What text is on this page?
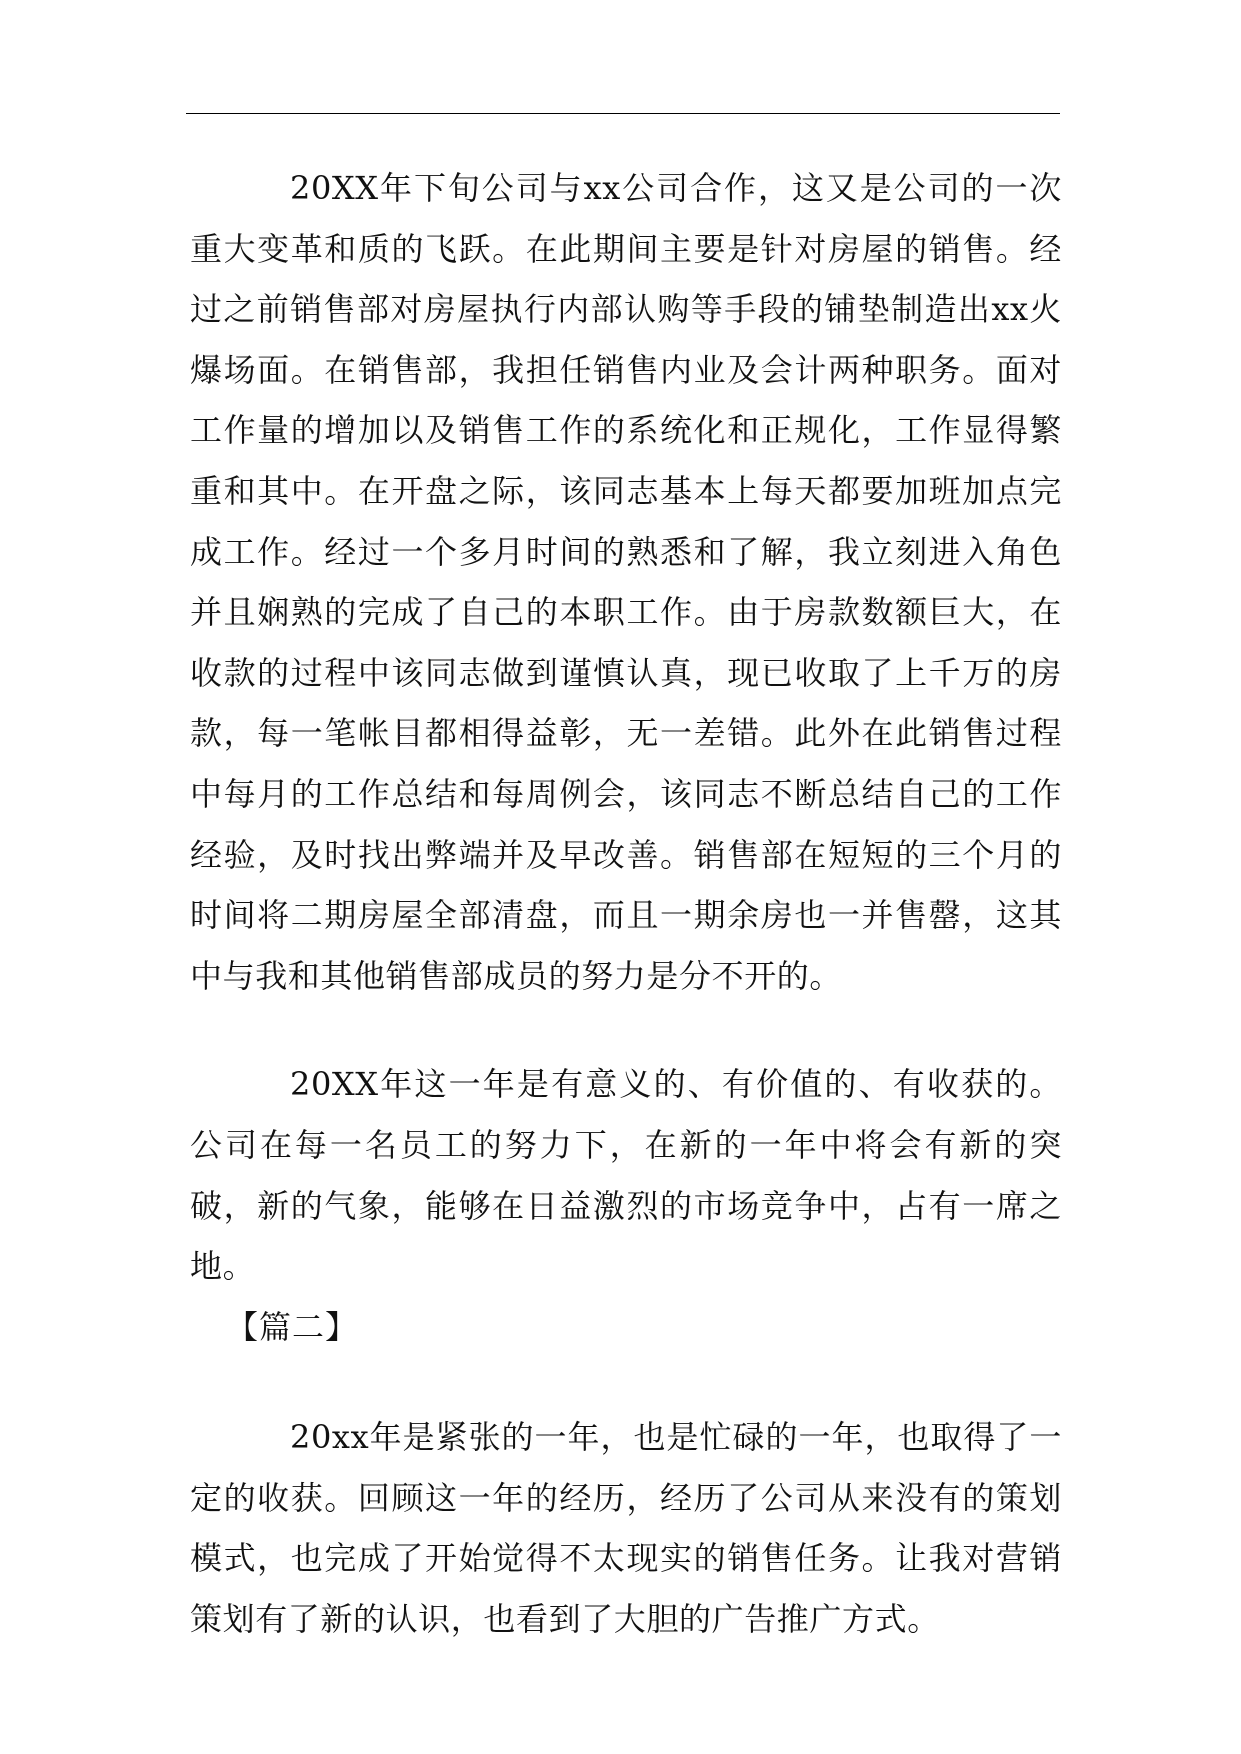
20XX年下旬公司与xx公司合作，这又是公司的一次重大变革和质的飞跃。在此期间主要是针对房屋的销售。经过之前销售部对房屋执行内部认购等手段的铺垫制造出xx火爆场面。在销售部，我担任销售内业及会计两种职务。面对工作量的增加以及销售工作的系统化和正规化，工作显得繁重和其中。在开盘之际，该同志基本上每天都要加班加点完成工作。经过一个多月时间的熟悉和了解，我立刻进入角色并且娴熟的完成了自己的本职工作。由于房款数额巨大，在收款的过程中该同志做到谨慎认真，现已收取了上千万的房款，每一笔帐目都相得益彰，无一差错。此外在此销售过程中每月的工作总结和每周例会，该同志不断总结自己的工作经验，及时找出弊端并及早改善。销售部在短短的三个月的时间将二期房屋全部清盘，而且一期余房也一并售罄，这其中与我和其他销售部成员的努力是分不开的。

20XX年这一年是有意义的、有价值的、有收获的。公司在每一名员工的努力下，在新的一年中将会有新的突破，新的气象，能够在日益激烈的市场竞争中，占有一席之地。

【篇二】

20xx年是紧张的一年，也是忙碌的一年，也取得了一定的收获。回顾这一年的经历，经历了公司从来没有的策划模式，也完成了开始觉得不太现实的销售任务。让我对营销策划有了新的认识，也看到了大胆的广告推广方式。
